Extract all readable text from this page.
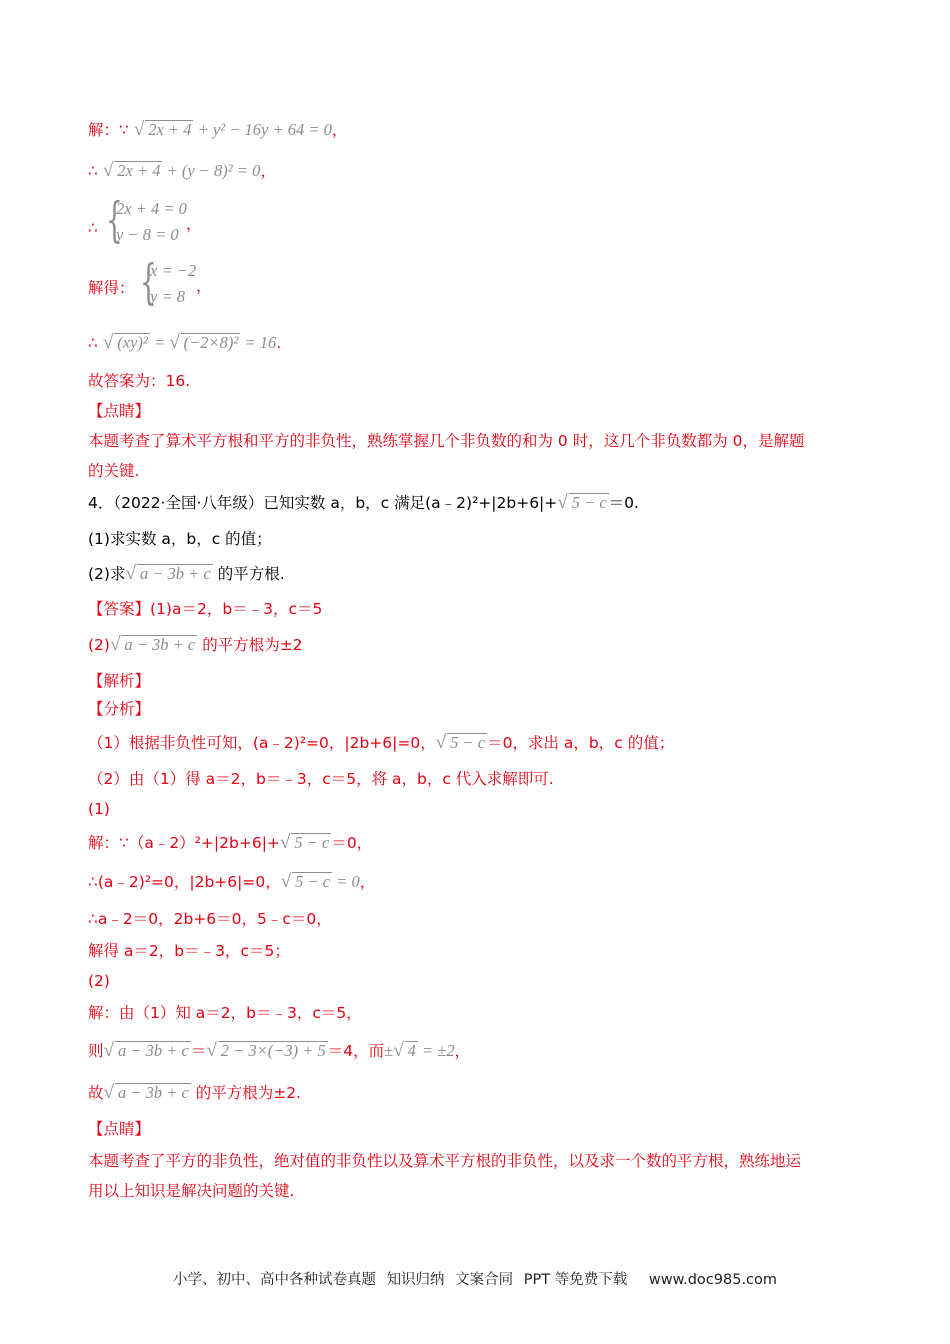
解：∵ √ 2x + 4 + y² − 16y + 64 = 0，
∴ √ 2x + 4 + (y − 8)² = 0，
∴ {
2x + 4 = 0
y − 8 = 0
，
解得： {
x = −2
y = 8
，
∴ √ (xy)² = √ (−2×8)² = 16.
故答案为：16.
【点睛】
本题考查了算术平方根和平方的非负性，熟练掌握几个非负数的和为 0 时，这几个非负数都为 0，是解题
的关键.
4．（2022·全国·八年级）已知实数 a，b，c 满足(a﹣2)²+|2b+6|+√ 5 − c ＝0.
(1)求实数 a，b，c 的值；
(2)求√ a − 3b + c 的平方根.
【答案】(1)a＝2，b＝﹣3，c＝5
(2)√ a − 3b + c 的平方根为±2
【解析】
【分析】
（1）根据非负性可知，(a﹣2)²=0，|2b+6|=0，√ 5 − c ＝0，求出 a，b，c 的值；
（2）由（1）得 a＝2，b＝﹣3，c＝5，将 a，b，c 代入求解即可.
(1)
解：∵（a﹣2）²+|2b+6|+√ 5 − c ＝0，
∴(a﹣2)²=0，|2b+6|=0，√ 5 − c = 0，
∴a﹣2＝0，2b+6＝0，5﹣c＝0，
解得 a＝2，b＝﹣3，c＝5；
(2)
解：由（1）知 a＝2，b＝﹣3，c＝5，
则√ a − 3b + c ＝√ 2 − 3×(−3) + 5 ＝4，而±√ 4 = ±2，
故√ a − 3b + c 的平方根为±2.
【点睛】
本题考查了平方的非负性，绝对值的非负性以及算术平方根的非负性，以及求一个数的平方根，熟练地运
用以上知识是解决问题的关键.
小学、初中、高中各种试卷真题 知识归纳 文案合同 PPT 等免费下载 www.doc985.com
